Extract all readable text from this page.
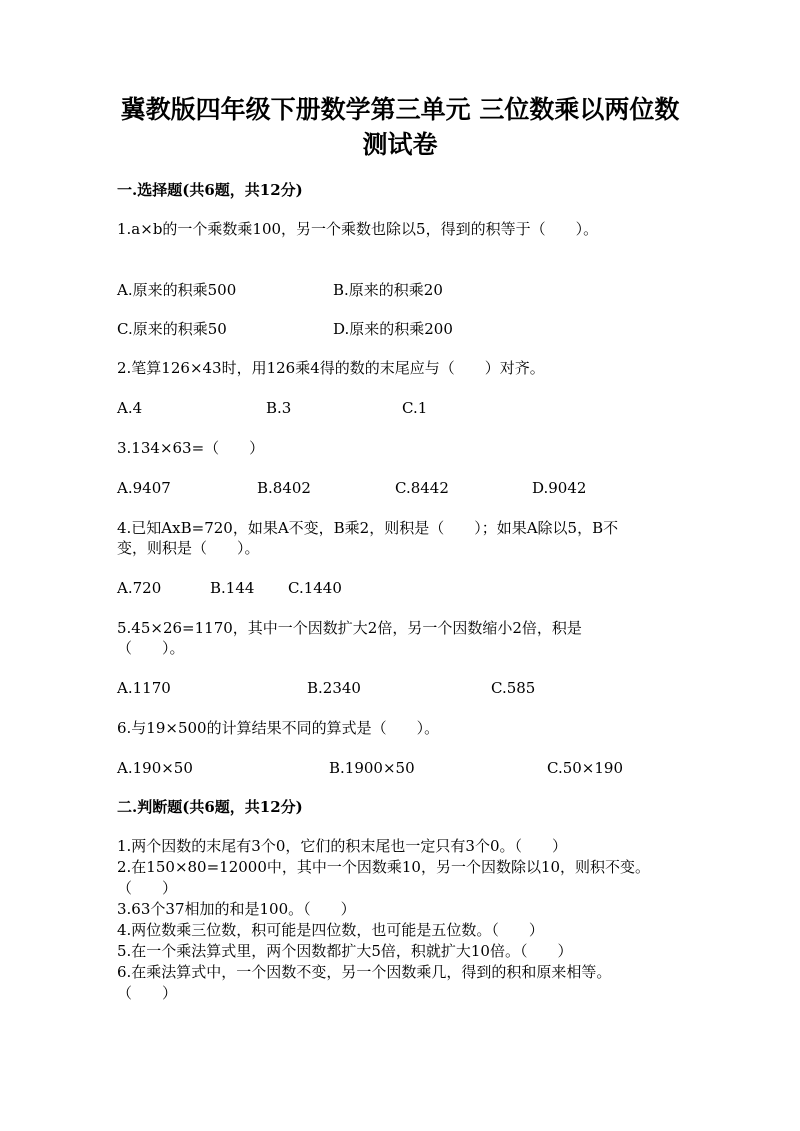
冀教版四年级下册数学第三单元 三位数乘以两位数
测试卷
一.选择题(共6题，共12分)
1.a×b的一个乘数乘100，另一个乘数也除以5，得到的积等于（　　）。
A.原来的积乘500	B.原来的积乘20
C.原来的积乘50	D.原来的积乘200
2.笔算126×43时，用126乘4得的数的末尾应与（　　）对齐。
A.4	B.3	C.1
3.134×63=（　　）
A.9407	B.8402	C.8442	D.9042
4.已知AxB=720，如果A不变，B乘2，则积是（　　）；如果A除以5，B不
变，则积是（　　）。
A.720	B.144 C.1440
5.45×26=1170，其中一个因数扩大2倍，另一个因数缩小2倍，积是
（　　）。
A.1170	B.2340	C.585
6.与19×500的计算结果不同的算式是（　　）。
A.190×50	B.1900×50	C.50×190
二.判断题(共6题，共12分)
1.两个因数的末尾有3个0，它们的积末尾也一定只有3个0。（　　）
2.在150×80=12000中，其中一个因数乘10，另一个因数除以10，则积不变。
（　　）
3.63个37相加的和是100。（　　）
4.两位数乘三位数，积可能是四位数，也可能是五位数。（　　）
5.在一个乘法算式里，两个因数都扩大5倍，积就扩大10倍。（　　）
6.在乘法算式中，一个因数不变，另一个因数乘几，得到的积和原来相等。
（　　）
